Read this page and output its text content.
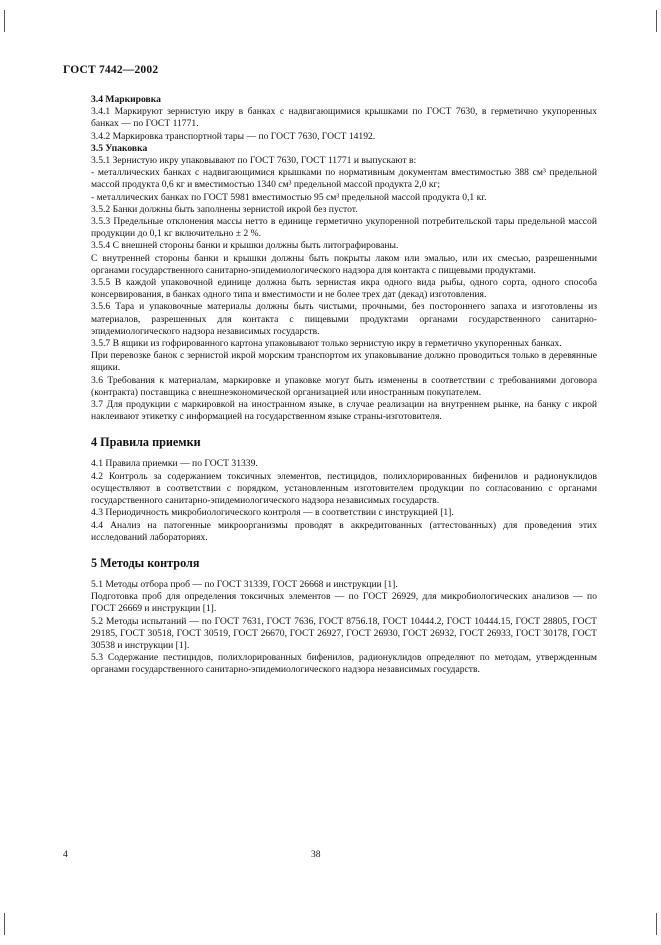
ГОСТ 7442—2002

3.4 Маркировка

3.4.1 Маркируют зернистую икру в банках с надвигающимися крышками по ГОСТ 7630, в герметично укупоренных банках — по ГОСТ 11771.

3.4.2 Маркировка транспортной тары — по ГОСТ 7630, ГОСТ 14192.

3.5 Упаковка

3.5.1 Зернистую икру упаковывают по ГОСТ 7630, ГОСТ 11771 и выпускают в:

- металлических банках с надвигающимися крышками по нормативным документам вместимостью 388 см³ предельной массой продукта 0,6 кг и вместимостью 1340 см³ предельной массой продукта 2,0 кг;

- металлических банках по ГОСТ 5981 вместимостью 95 см³ предельной массой продукта 0,1 кг.

3.5.2 Банки должны быть заполнены зернистой икрой без пустот.

3.5.3 Предельные отклонения массы нетто в единице герметично укупоренной потребительской тары предельной массой продукции до 0,1 кг включительно ± 2 %.

3.5.4 С внешней стороны банки и крышки должны быть литографированы.

С внутренней стороны банки и крышки должны быть покрыты лаком или эмалью, или их смесью, разрешенными органами государственного санитарно-эпидемиологического надзора для контакта с пищевыми продуктами.

3.5.5 В каждой упаковочной единице должна быть зернистая икра одного вида рыбы, одного сорта, одного способа консервирования, в банках одного типа и вместимости и не более трех дат (декад) изготовления.

3.5.6 Тара и упаковочные материалы должны быть чистыми, прочными, без постороннего запаха и изготовлены из материалов, разрешенных для контакта с пищевыми продуктами органами государственного санитарно-эпидемиологического надзора независимых государств.

3.5.7 В ящики из гофрированного картона упаковывают только зернистую икру в герметично укупоренных банках.

При перевозке банок с зернистой икрой морским транспортом их упаковывание должно проводиться только в деревянные ящики.

3.6 Требования к материалам, маркировке и упаковке могут быть изменены в соответствии с требованиями договора (контракта) поставщика с внешнеэкономической организацией или иностранным покупателем.

3.7 Для продукции с маркировкой на иностранном языке, в случае реализации на внутреннем рынке, на банку с икрой наклеивают этикетку с информацией на государственном языке страны-изготовителя.

4 Правила приемки

4.1 Правила приемки — по ГОСТ 31339.

4.2 Контроль за содержанием токсичных элементов, пестицидов, полихлорированных бифенилов и радионуклидов осуществляют в соответствии с порядком, установленным изготовителем продукции по согласованию с органами государственного санитарно-эпидемиологического надзора независимых государств.

4.3 Периодичность микробиологического контроля — в соответствии с инструкцией [1].

4.4 Анализ на патогенные микроорганизмы проводят в аккредитованных (аттестованных) для проведения этих исследований лабораториях.

5 Методы контроля

5.1 Методы отбора проб — по ГОСТ 31339, ГОСТ 26668 и инструкции [1].

Подготовка проб для определения токсичных элементов — по ГОСТ 26929, для микробиологических анализов — по ГОСТ 26669 и инструкции [1].

5.2 Методы испытаний — по ГОСТ 7631, ГОСТ 7636, ГОСТ 8756.18, ГОСТ 10444.2, ГОСТ 10444.15, ГОСТ 28805, ГОСТ 29185, ГОСТ 30518, ГОСТ 30519, ГОСТ 26670, ГОСТ 26927, ГОСТ 26930, ГОСТ 26932, ГОСТ 26933, ГОСТ 30178, ГОСТ 30538 и инструкции [1].

5.3 Содержание пестицидов, полихлорированных бифенилов, радионуклидов определяют по методам, утвержденным органами государственного санитарно-эпидемиологического надзора независимых государств.

4	38
